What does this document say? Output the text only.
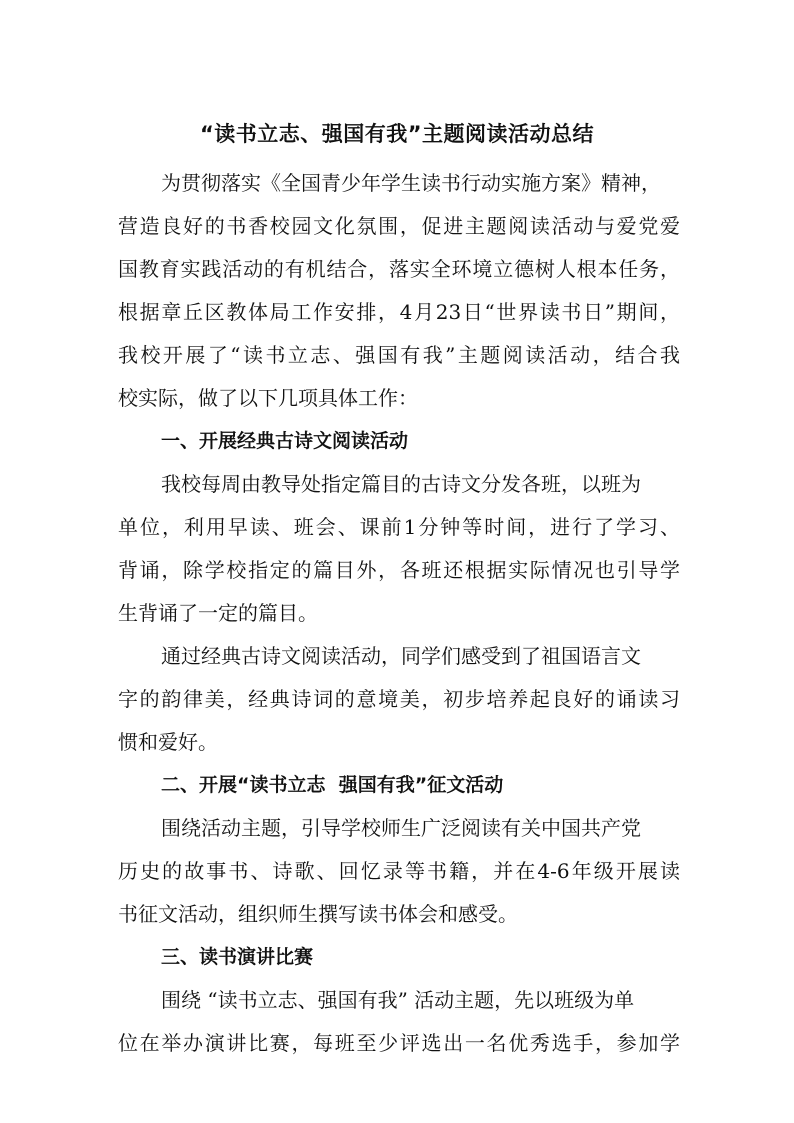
“读书立志、强国有我”主题阅读活动总结
为贯彻落实《全国青少年学生读书行动实施方案》精神，
营造良好的书香校园文化氛围，促进主题阅读活动与爱党爱
国教育实践活动的有机结合，落实全环境立德树人根本任务，
根据章丘区教体局工作安排，4月23日“世界读书日”期间，
我校开展了“读书立志、强国有我”主题阅读活动，结合我
校实际，做了以下几项具体工作：
一、开展经典古诗文阅读活动
我校每周由教导处指定篇目的古诗文分发各班，以班为
单位，利用早读、班会、课前1分钟等时间，进行了学习、
背诵，除学校指定的篇目外，各班还根据实际情况也引导学
生背诵了一定的篇目。
通过经典古诗文阅读活动，同学们感受到了祖国语言文
字的韵律美，经典诗词的意境美，初步培养起良好的诵读习
惯和爱好。
二、开展“读书立志  强国有我”征文活动
围绕活动主题，引导学校师生广泛阅读有关中国共产党
历史的故事书、诗歌、回忆录等书籍，并在4-6年级开展读
书征文活动，组织师生撰写读书体会和感受。
三、读书演讲比赛
围绕 “读书立志、强国有我” 活动主题，先以班级为单
位在举办演讲比赛，每班至少评选出一名优秀选手，参加学
